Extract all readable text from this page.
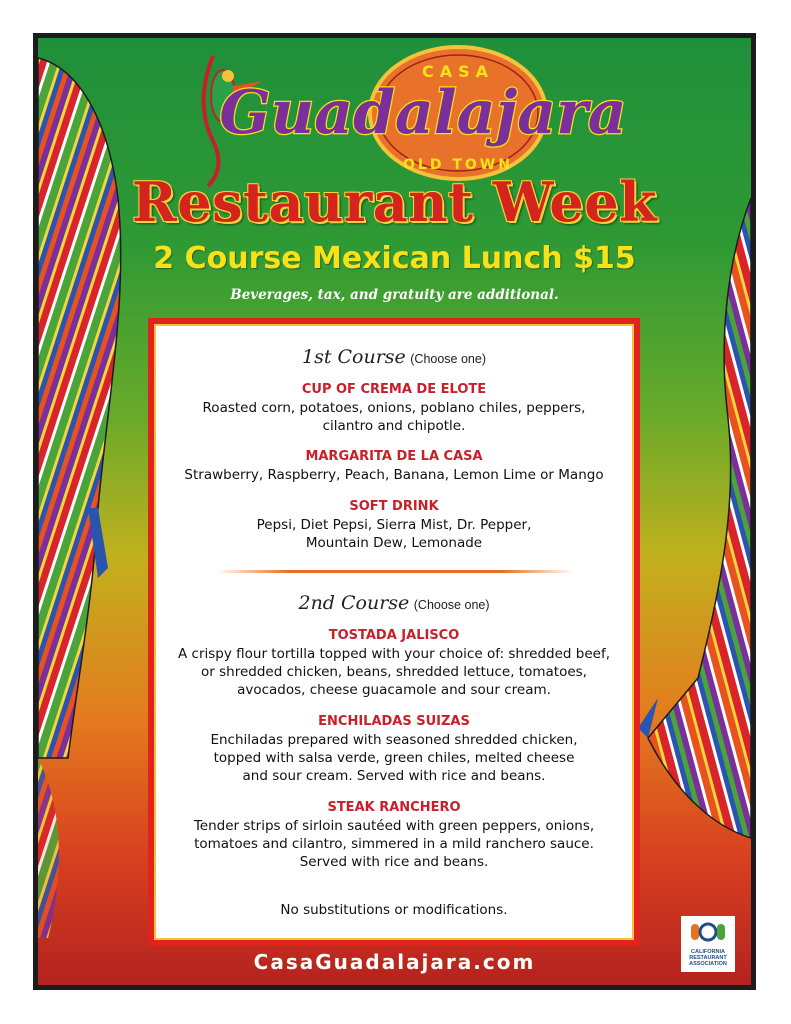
CASA
Guadalajara
OLD TOWN
Restaurant Week
2 Course Mexican Lunch $15
Beverages, tax, and gratuity are additional.
1st Course (Choose one)
CUP OF CREMA DE ELOTE
Roasted corn, potatoes, onions, poblano chiles, peppers,
cilantro and chipotle.
MARGARITA DE LA CASA
Strawberry, Raspberry, Peach, Banana, Lemon Lime or Mango
SOFT DRINK
Pepsi, Diet Pepsi, Sierra Mist, Dr. Pepper,
Mountain Dew, Lemonade
2nd Course (Choose one)
TOSTADA JALISCO
A crispy flour tortilla topped with your choice of: shredded beef,
or shredded chicken, beans, shredded lettuce, tomatoes,
avocados, cheese guacamole and sour cream.
ENCHILADAS SUIZAS
Enchiladas prepared with seasoned shredded chicken,
topped with salsa verde, green chiles, melted cheese
and sour cream. Served with rice and beans.
STEAK RANCHERO
Tender strips of sirloin sautéed with green peppers, onions,
tomatoes and cilantro, simmered in a mild ranchero sauce.
Served with rice and beans.
No substitutions or modifications.
CasaGuadalajara.com	CALIFORNIA
RESTAURANT
ASSOCIATION
